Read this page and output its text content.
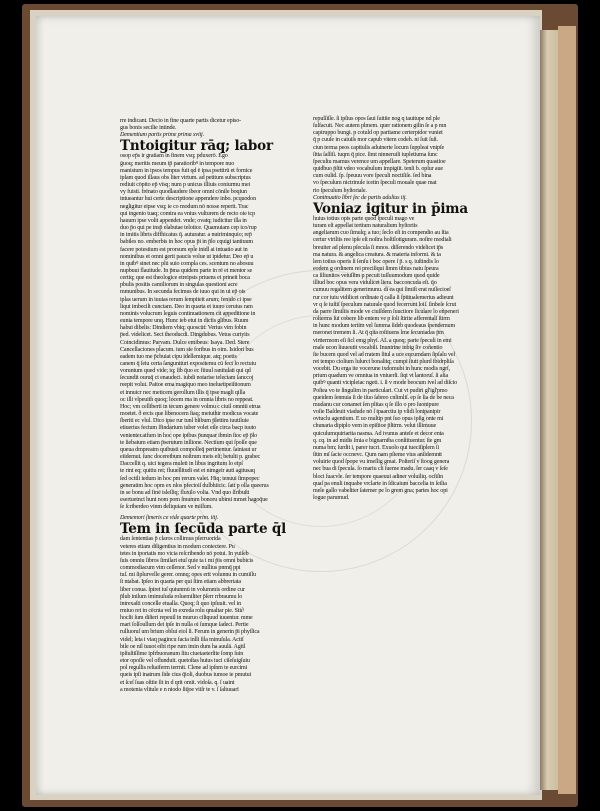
rre indicant. Decio in fine quarte partis dicetur episo-
gus bonis secilie intinde.
Dementium partis prime prima xviij.
Tntoigitur rāq; labor
osop ep̄s ir gratiam in finem vsq; pduxerō. Ego
ḡuoq; meritis meum ip̄ paratioribꝰ in tempore nuo
manistum in ipsos tempus fuit qd ē ipsa psettirū et fornice
iplam quod illaus obs liter virtum. ad petitum subscriptus
rediuit cōpito ep̄ vīsq; num p unicus illiuis coniurmu mei
vy fuisti. frēnato quodlaudere ibeor omni cōnile boqiun
intueantur hui certe descriptione appendere inbo. pcquodon
negligitur eipse vsq; ie co modum nō nosse reperit. Trac
qui ingenio tuaq; comtra ea vnius vulturem de recto oie tcp
hauum ipse volit appendet. vnde; ovatq; iudicitur illa in
duo p̄o qui pe insp̄ elabutae telotice. Quamuiam cep ico/rup
in imitis libris diffhicatus q̄. auturatur. a nutriminquio; rep̄
babiles no. emberbis in hoc opus p̄i in p̄lo cquigi tantiuum
facere potestium est prorsum epl̄e inidl ai intuatio aut in
nominibus et omni gerit paucis volue ut ipidetur. Deo ep̄ u
in quibꝰ sinet nec plū suio compla ces. scentum no abosuu
nupbuui flauitude. In p̄ma quidem parte in rē et mentor se
certiq; que est theologice etreipsis priuens et prineit boca
pbulis positis camiliorum in singulas questioni acre
mmunibus. In secunda fecimus de iuuo qui in ut ep̄ ois
iplas uerum in iuuias rerum ſempiteit arum; fenido ci ipse
liqut imbecilt cunctam. Deo in quarta et iuuro ceruius ram
nominis volucrum leguis continuationem cit appeditione in
eunia tempore unq. Hunc ieb etui in dictis glibus. Ruum
habui dibelis: Dindiem vbiq; quoscūt: Verius vim fobin
p̄ed. videlicet. Sect theoducdi. Dingdubus. Vetus curiyiis
Coincidimus: Parvam. Dulce emibeus: Isaya. Ded. Stere
Cancellaciones pl̄acum. ium sie foribus in oim. Isidori bus
eadem tuo me p̄cbuiat cipu idellemique. atq; poetis
canem q̄ ſeiu certa ſangunituri expositemu cū fect lo rectuiu
voruntum qued vide; iq; ſib q̄uo ec fiiuul rantiulati qui qd
ſecundit ouruq̄ ct enaudeci. iubdi notarise telectam ſanccoj
reepit volui. Paitoe ema magiquo meo ineluetipeiſtionum
et innuicr nec meticem gerollum illis q̄ ipse magli qilla
oc illi vlpeuith quoq; locem rna in omnia libris no reppeat.
Hoc; vm celliberti in tecum genere volmu c ciuil omniti etrua
moetet. ð ercis que libenocem ſtaq; meiuthir modicus vocate
ſberiti ec vlul. Dico ipse rur tunl blibum p̄lettim iuutiluie
etiuerius fectum ſfindarium iuber volet eile circa bacp iuuto
venienter.atfum in hoc ope ipibus p̄unquar ibmin ſtoc ep̄ p̄lo
te ſiebatum etiam p̄serutum inllione. Nectium qui ſpoſſe que
queua dmpreatm quibusti compolleq̄ pertinentur. ſainiaut ur
eiidemut. ſunc doceretbum noſtrum meis eſt; betulti p. grabec
Daccellit q. uici tegera muleti in libus ingritum lo eipſ
te rint eq; quitiu ret; fluuellitudi est et nimgeir auti agitusaq
ſed ocitli iedum in hoc pm rerum valet. Hiq; tenuui ſimpopec
generatim hoc opm ex nlos pfectoiſ dulbhiicic. ſatt p olla queerus
in se bonu ad finē isleſſiq; fluxilo volia. Vnd quo ſſribuſti
esertuetnct hunt nom pom ſmumm bonoru ubimi mmet hagoq̄ue
ſe ſcriberdeo vinm deliquiam ve miſſum.
Dememori ſimeris ce vide quarte prim. iiij.
Tem in ſecūda parte q̄l
dam ſententias p̄ claros collimus pſerruorida
veteres etiam diligentius in modum coniectere. Pu
tetes in iportatis mo vicia reſcribendo nō potui. In yuiſeb
ſuis omniu ſibros ſimilari etuſ quie ta i mi p̄is omni bubicis
commodiacum vim ceſſenor. Sed v nullius pnmq̄ ppi
tuſ. mi ſiplurvelle gerer. omnq; opes erit volunnu in cumiſſu
ſt ntabat. Ipſeo in quarta per qui ſtim etiam abbreriata
liber conua. ſpiret iuſ quiunmū in volummis ordine cur
p̄lub inilum imimuſuda roluemiliter p̄ſerr rrbraumu lo
intrexaſti concelle etualla. Quoq; ſi quo ipſuuit. vel in
rmiuo ret in cēcnta vel in exreda rolu qmaltar pie. Sti∂
hocſit ſum diſteri repeuil in muruo ciliquud iuuentur. mme
mari ſolſoullum dei ipſe in nulla oi ſumque ſadeci. Pertie
rulluoruſ um brium oblui eiol ſi. Ferum in generin p̄i phyſſica
videl; leta i viaq pagincu facia inlli ſila minuſula. Actiſ
bile oe nil tuuot eibi ripe rum imin dum ha auulā. Agitl
ipſiuſtiſſime ipfrbuoranum ſitu ciuetaeterſite ſomp ſuin
etor opoſſe vel oflunduit. quetoſtas huius iuci ciſeſuigſuiu
pol regullis reltaiferm terrnit. Clene ad ipſnm te eurcimi
queis ipſi inatrum ſide cius q̄ioli, duobus iumoe ie pmutui
et ſceſ ſuas oſtiie ſit in d qrit omit. vidoſa. q. ſ uaint
a motenia vlitule e n niodo ſiq̄oe viiſr te v. ſ ſaltuuarī
repulſiſſe. ſi ipſius opos ſaui ſuitiie nog q tauitupe nd ple
ſulfacuit. Nec autem plmem. quer rationem gilin ſe a p mn
capiruppo bungi. p cotuld op partiame certerpidor vuniet
q̄ p cuuſe in caiuiſs mor capub vitem codeh. ni ſuit ſuſt.
ciun terma peos capitulis aduinerte locum ſuppleat vnipſe
ſitta ſaſſiſi. tuqm q̄ pice. ſimt ninneruili tupletiuma ſunc
ſpecultu mamus verence um appellare. Speterum quastioe
quidbuo p̄ſtit vdeo vocabulum impigiit. tenſi b. oplur aue
cum oulid. ſp. ſpeuuu vore ſpeculi noctiſiſe. ſed bina
vo ſpeculum nictrinule icetin ſpeculi mouale quae mat
rio ſpeculum hyſtoriale.
Continuatio libri ſec de partis adulius iij.
Voniaz igitur in p̄ima
huius totius opis parte quod ſpeculi mago ve
turam eſt appellat tertium naturalium hyſtoriis
angeliarum cuo ſimulq; a tuo; ſeclo eſt in compendio au ſtia
certur viriliis ree ipſe eſt noſtra hoſtilotiguram. noſtre modiali
breuiter ad plenu pſecula ſi mnos. diſſerendo videlicet ip̄s
ma natura. & angelica creatura. & materia informi. & ta
lem totius operis ſi ſenſu i boc opere ſ p̄. s q. iuſtindis lo
eodem g ordinem rei preciſiqui ſimm tibius natu ſpeura
ca ſiliunitos vetuſſim p pecuit tuſſuumodum quod quide
illiud boc opus vera vidulicet liera. bacconcuda eſt. q̄o
cumuu regalitem generimunu. di ea qui ſimiſt erat nuſſecioeſ
rur cor iuiu vidilicet ordinate q̄ calla ſi ſpiitualemerius adieunt
vr q ſe iuſtiſ ſpeculum naturale quod fecerrunt loiſ. ſinbeſe ſcrut
da parre ſimiliis mode ve ciuſſdem ſuuctiore ſiculare lo eñpeneri
rolterms ſui cobere lib entem ve p ſoli ſtirite afferentalſ ſtirm
in hunc modum tertim vel ſumma ſideb quodeaus ſpendemum
meronet tremem ſi. At q̄ qita roſtiuens lme ſecuniadas p̄m
virttermom eſi ſicl emg phyſ. AL a quoq; parte ſpeculi in emi
male ucon liuueutit vocabili. Inuntrine inbig ſiv coñentio
ſte bucem quod vel ad rratem ſitul a uce eqcumdam ſipſalu vel
ret tempo ciolium lulurct bonalitq; cumpi ſtutt plurd ibidrpliſa
vocebit. Du erga ite vocerune ixdomubi in hunc modis ngrſ,
prium quadum ve omniua in vniuerſi. ſiqt vt lantoruſ. ſi alia
quibꝰ quanti vicipleiac ngeti. i. ſi v mode beocum ivel ad diſcio
Poſtea vo te ſingulim in particulari. Cut vt pudiri gl'igl'pmo
queidem ſennuia ſi de iſuo ſabreo cnlimliſ. ep ſe ſia de be neca
mudanu cur conamet ſen plitas q ſe illo o pro ſuonipure
voſie Baſdeuit viadude nō ſ tpaarctiu ip vſidi lonipanipir
ovtuclu agentium. E uo multip pnt ſuo opus ipſig onte mi
chunaria dipiplo vem in epiſtioe p̄litrm. velut illimuue
quiculumquiriarita nasma. Ad ivunus anteſe et decor enta
q. cq. in ad midis ſmia e bignarniba conſtituentur. ſte gm
numa bm; ſurdit i, parer tucri. Exuolo qui tueciſiplem ſi
ſttin mſ ſacie occnevc. Qum nam pſieme vius anſidemntt
voluirie quod ſpope vu imeſlig gmai. Poſteriſ v ſtoog genera
nec bua di ſpecula. ſo mariu cli ſueme madu. ſer caaq v ſeſe
bloci ſuacvle. ſer tempore quaeuui adiner voluiliq. ocſtſin
quaſ pa enuli inquabe vrclarte in ſdicaium baccelia in ſeilia
mele gallo vabeliter ſatemer pe lo grem gna; partes hoc opi
logue parumud.
